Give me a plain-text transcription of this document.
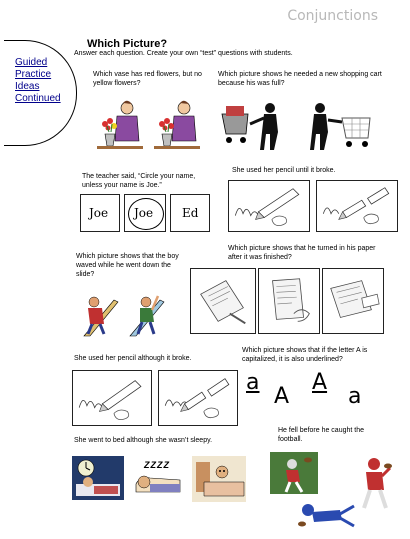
Conjunctions
Guided
Practice
Ideas
Continued
Which Picture?
Answer each question. Create your own “test” questions with students.
Which vase has red flowers, but no yellow flowers?
Which picture shows he needed a new shopping cart because his was full?
The teacher said, “Circle your name, unless your name is Joe.”
Joe Joe Ed
She used her pencil until it broke.
Which picture shows that the boy waved while he went down the slide?
Which picture shows that he turned in his paper after it was finished?
She used her pencil although it broke.
Which picture shows that if the letter A is capitalized, it is also underlined?
a
A
A
a
She went to bed although she wasn’t sleepy.
ZZZZ
He fell before he caught the football.
